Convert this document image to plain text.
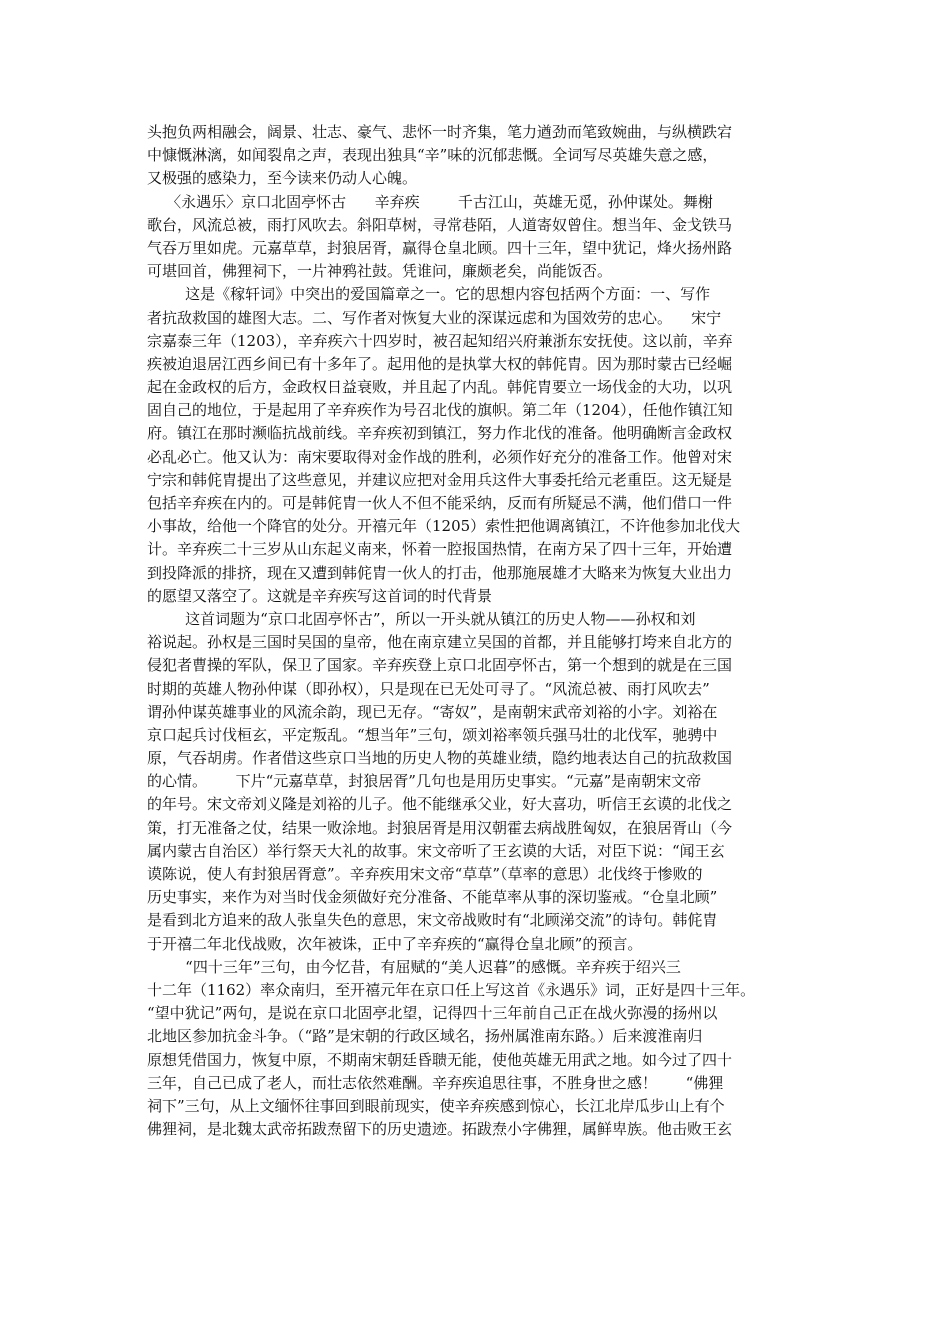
头抱负两相融会，阔景、壮志、豪气、悲怀一时齐集，笔力遒劲而笔致婉曲，与纵横跌宕

中慷慨淋漓，如闻裂帛之声，表现出独具“辛”味的沉郁悲慨。全词写尽英雄失意之感，

又极强的感染力，至今读来仍动人心魄。

〈永遇乐〉京口北固亭怀古      辛弃疾        千古江山，英雄无觅，孙仲谋处。舞榭

歌台，风流总被，雨打风吹去。斜阳草树，寻常巷陌，人道寄奴曾住。想当年、金戈铁马

气吞万里如虎。元嘉草草，封狼居胥，赢得仓皇北顾。四十三年，望中犹记，烽火扬州路

可堪回首，佛狸祠下，一片神鸦社鼓。凭谁问，廉颇老矣，尚能饭否。

这是《稼轩词》中突出的爱国篇章之一。它的思想内容包括两个方面：一、写作

者抗敌救国的雄图大志。二、写作者对恢复大业的深谋远虑和为国效劳的忠心。    宋宁

宗嘉泰三年（1203），辛弃疾六十四岁时，被召起知绍兴府兼浙东安抚使。这以前，辛弃

疾被迫退居江西乡间已有十多年了。起用他的是执掌大权的韩侂胄。因为那时蒙古已经崛

起在金政权的后方，金政权日益衰败，并且起了内乱。韩侂胄要立一场伐金的大功，以巩

固自己的地位，于是起用了辛弃疾作为号召北伐的旗帜。第二年（1204），任他作镇江知

府。镇江在那时濒临抗战前线。辛弃疾初到镇江，努力作北伐的准备。他明确断言金政权

必乱必亡。他又认为：南宋要取得对金作战的胜利，必须作好充分的准备工作。他曾对宋

宁宗和韩侂胄提出了这些意见，并建议应把对金用兵这件大事委托给元老重臣。这无疑是

包括辛弃疾在内的。可是韩侂胄一伙人不但不能采纳，反而有所疑忌不满，他们借口一件

小事故，给他一个降官的处分。开禧元年（1205）索性把他调离镇江，不许他参加北伐大

计。辛弃疾二十三岁从山东起义南来，怀着一腔报国热情，在南方呆了四十三年，开始遭

到投降派的排挤，现在又遭到韩侂胄一伙人的打击，他那施展雄才大略来为恢复大业出力

的愿望又落空了。这就是辛弃疾写这首词的时代背景

这首词题为“京口北固亭怀古”，所以一开头就从镇江的历史人物——孙权和刘

裕说起。孙权是三国时吴国的皇帝，他在南京建立吴国的首都，并且能够打垮来自北方的

侵犯者曹操的军队，保卫了国家。辛弃疾登上京口北固亭怀古，第一个想到的就是在三国

时期的英雄人物孙仲谋（即孙权），只是现在已无处可寻了。“风流总被、雨打风吹去”

谓孙仲谋英雄事业的风流余韵，现已无存。“寄奴”，是南朝宋武帝刘裕的小字。刘裕在

京口起兵讨伐桓玄，平定叛乱。“想当年”三句，颂刘裕率领兵强马壮的北伐军，驰骋中

原，气吞胡虏。作者借这些京口当地的历史人物的英雄业绩，隐约地表达自己的抗敌救国

的心情。      下片“元嘉草草，封狼居胥”几句也是用历史事实。“元嘉”是南朝宋文帝

的年号。宋文帝刘义隆是刘裕的儿子。他不能继承父业，好大喜功，听信王玄谟的北伐之

策，打无准备之仗，结果一败涂地。封狼居胥是用汉朝霍去病战胜匈奴，在狼居胥山（今

属内蒙古自治区）举行祭天大礼的故事。宋文帝听了王玄谟的大话，对臣下说：“闻王玄

谟陈说，使人有封狼居胥意”。辛弃疾用宋文帝“草草”（草率的意思）北伐终于惨败的

历史事实，来作为对当时伐金须做好充分准备、不能草率从事的深切鉴戒。“仓皇北顾”

是看到北方追来的敌人张皇失色的意思，宋文帝战败时有“北顾涕交流”的诗句。韩侂胄

于开禧二年北伐战败，次年被诛，正中了辛弃疾的“赢得仓皇北顾”的预言。

“四十三年”三句，由今忆昔，有屈赋的“美人迟暮”的感慨。辛弃疾于绍兴三

十二年（1162）率众南归，至开禧元年在京口任上写这首《永遇乐》词，正好是四十三年。

“望中犹记”两句，是说在京口北固亭北望，记得四十三年前自己正在战火弥漫的扬州以

北地区参加抗金斗争。（“路”是宋朝的行政区域名，扬州属淮南东路。）后来渡淮南归

原想凭借国力，恢复中原，不期南宋朝廷昏聩无能，使他英雄无用武之地。如今过了四十

三年，自己已成了老人，而壮志依然难酬。辛弃疾追思往事，不胜身世之感！      “佛狸

祠下”三句，从上文缅怀往事回到眼前现实，使辛弃疾感到惊心，长江北岸瓜步山上有个

佛狸祠，是北魏太武帝拓跋焘留下的历史遗迹。拓跋焘小字佛狸，属鲜卑族。他击败王玄
